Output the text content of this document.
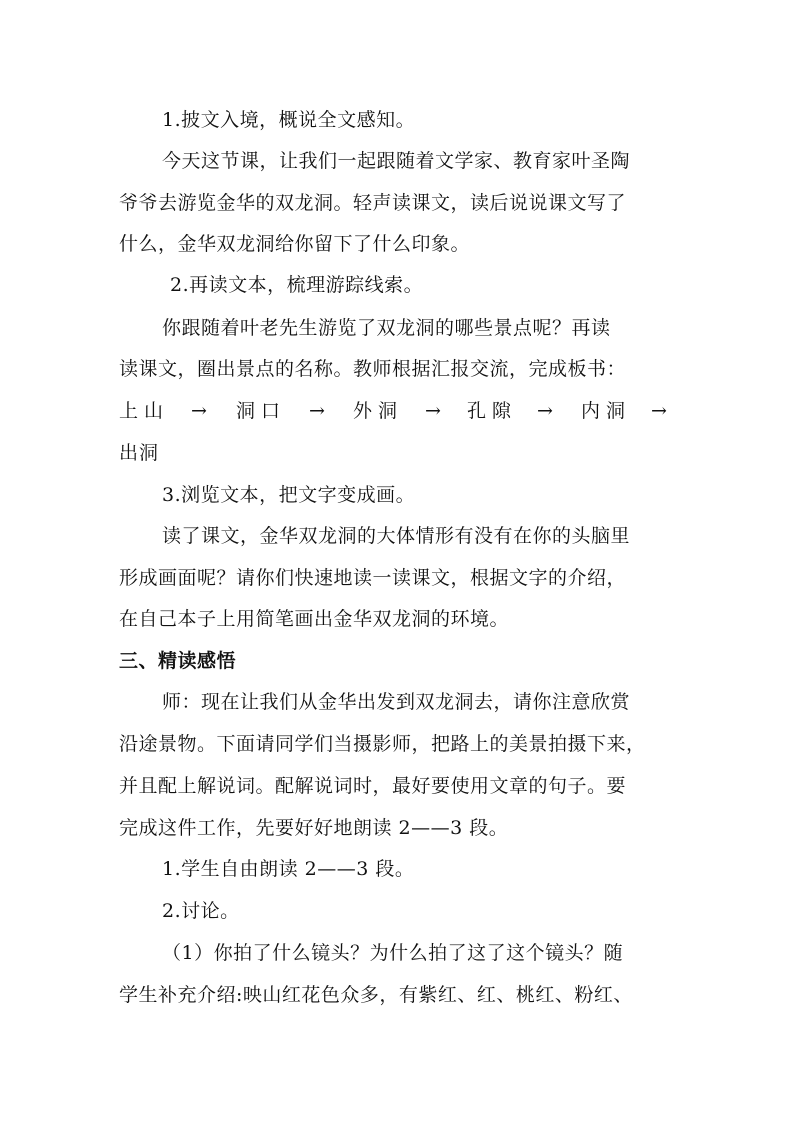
1.披文入境，概说全文感知。
今天这节课，让我们一起跟随着文学家、教育家叶圣陶
爷爷去游览金华的双龙洞。轻声读课文，读后说说课文写了
什么，金华双龙洞给你留下了什么印象。
2.再读文本，梳理游踪线索。
你跟随着叶老先生游览了双龙洞的哪些景点呢？再读
读课文，圈出景点的名称。教师根据汇报交流，完成板书：
上山 → 洞口 → 外洞 → 孔隙 → 内洞 →
出洞
3.浏览文本，把文字变成画。
读了课文，金华双龙洞的大体情形有没有在你的头脑里
形成画面呢？请你们快速地读一读课文，根据文字的介绍，
在自己本子上用简笔画出金华双龙洞的环境。
三、精读感悟
师：现在让我们从金华出发到双龙洞去，请你注意欣赏
沿途景物。下面请同学们当摄影师，把路上的美景拍摄下来，
并且配上解说词。配解说词时，最好要使用文章的句子。要
完成这件工作，先要好好地朗读 2——3 段。
1.学生自由朗读 2——3 段。
2.讨论。
（1）你拍了什么镜头？为什么拍了这了这个镜头？随
学生补充介绍:映山红花色众多，有紫红、红、桃红、粉红、
